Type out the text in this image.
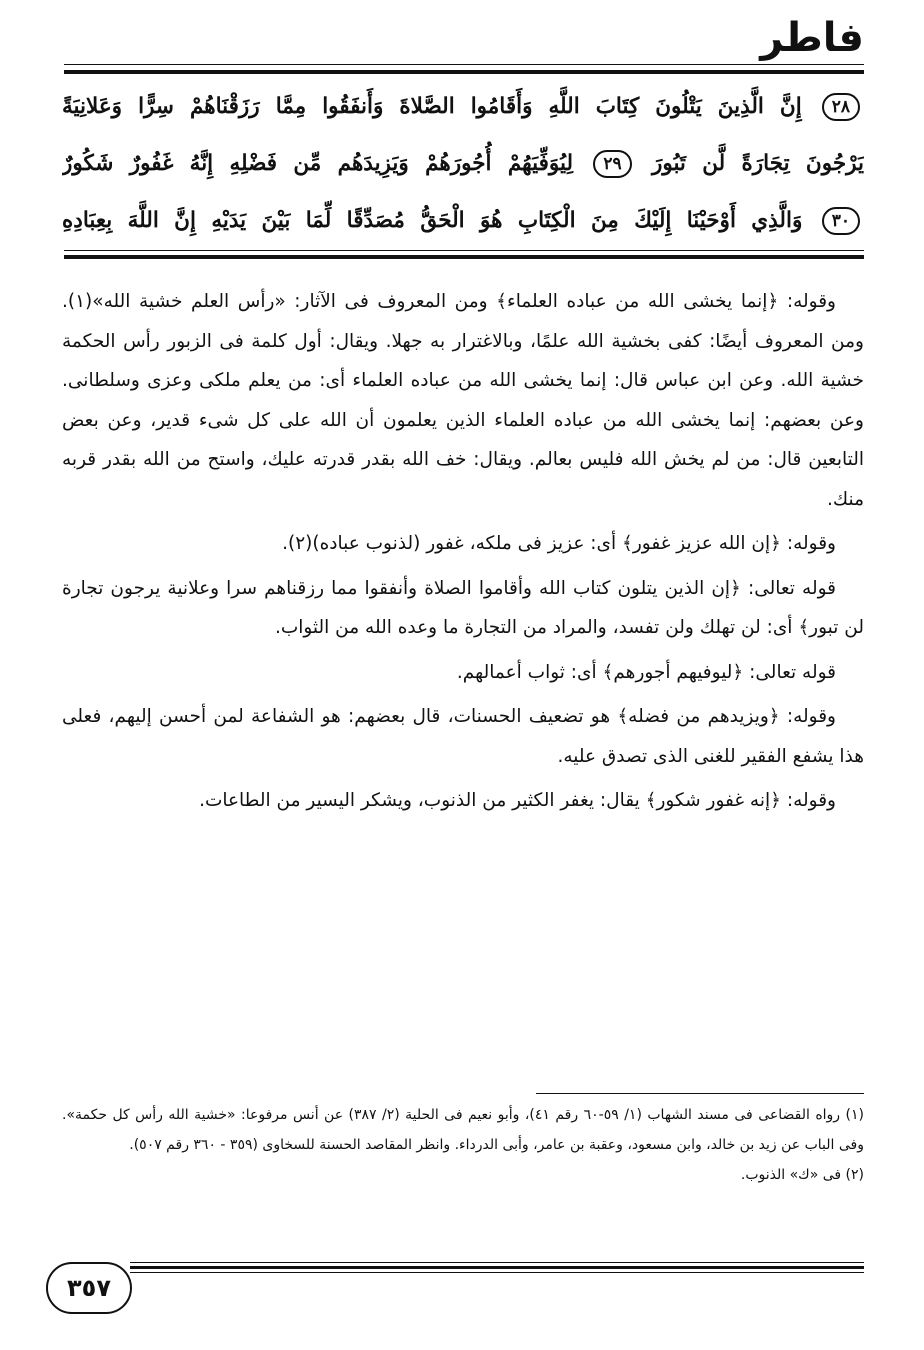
فاطر
٢٨ إِنَّ الَّذِينَ يَتْلُونَ كِتَابَ اللَّهِ وَأَقَامُوا الصَّلاةَ وَأَنفَقُوا مِمَّا رَزَقْنَاهُمْ سِرًّا وَعَلانِيَةً
يَرْجُونَ تِجَارَةً لَّن تَبُورَ ٢٩ لِيُوَفِّيَهُمْ أُجُورَهُمْ وَيَزِيدَهُم مِّن فَضْلِهِ إِنَّهُ غَفُورٌ شَكُورٌ
٣٠ وَالَّذِي أَوْحَيْنَا إِلَيْكَ مِنَ الْكِتَابِ هُوَ الْحَقُّ مُصَدِّقًا لِّمَا بَيْنَ يَدَيْهِ إِنَّ اللَّهَ بِعِبَادِهِ

وقوله: ﴿إنما يخشى الله من عباده العلماء﴾ ومن المعروف فى الآثار: «رأس العلم خشية الله»(١). ومن المعروف أيضًا: كفى بخشية الله علمًا، وبالاغترار به جهلا. ويقال: أول كلمة فى الزبور رأس الحكمة خشية الله. وعن ابن عباس قال: إنما يخشى الله من عباده العلماء أى: من يعلم ملكى وعزى وسلطانى. وعن بعضهم: إنما يخشى الله من عباده العلماء الذين يعلمون أن الله على كل شىء قدير، وعن بعض التابعين قال: من لم يخش الله فليس بعالم. ويقال: خف الله بقدر قدرته عليك، واستح من الله بقدر قربه منك.

وقوله: ﴿إن الله عزيز غفور﴾ أى: عزيز فى ملكه، غفور (لذنوب عباده)(٢).

قوله تعالى: ﴿إن الذين يتلون كتاب الله وأقاموا الصلاة وأنفقوا مما رزقناهم سرا وعلانية يرجون تجارة لن تبور﴾ أى: لن تهلك ولن تفسد، والمراد من التجارة ما وعده الله من الثواب.

قوله تعالى: ﴿ليوفيهم أجورهم﴾ أى: ثواب أعمالهم.

وقوله: ﴿ويزيدهم من فضله﴾ هو تضعيف الحسنات، قال بعضهم: هو الشفاعة لمن أحسن إليهم، فعلى هذا يشفع الفقير للغنى الذى تصدق عليه.

وقوله: ﴿إنه غفور شكور﴾ يقال: يغفر الكثير من الذنوب، ويشكر اليسير من الطاعات.

(١) رواه القضاعى فى مسند الشهاب (١/ ٥٩-٦٠ رقم ٤١)، وأبو نعيم فى الحلية (٢/ ٣٨٧) عن أنس مرفوعا: «خشية الله رأس كل حكمة». وفى الباب عن زيد بن خالد، وابن مسعود، وعقبة بن عامر، وأبى الدرداء. وانظر المقاصد الحسنة للسخاوى (٣٥٩ - ٣٦٠ رقم ٥٠٧).

(٢) فى «ك» الذنوب.

٣٥٧
